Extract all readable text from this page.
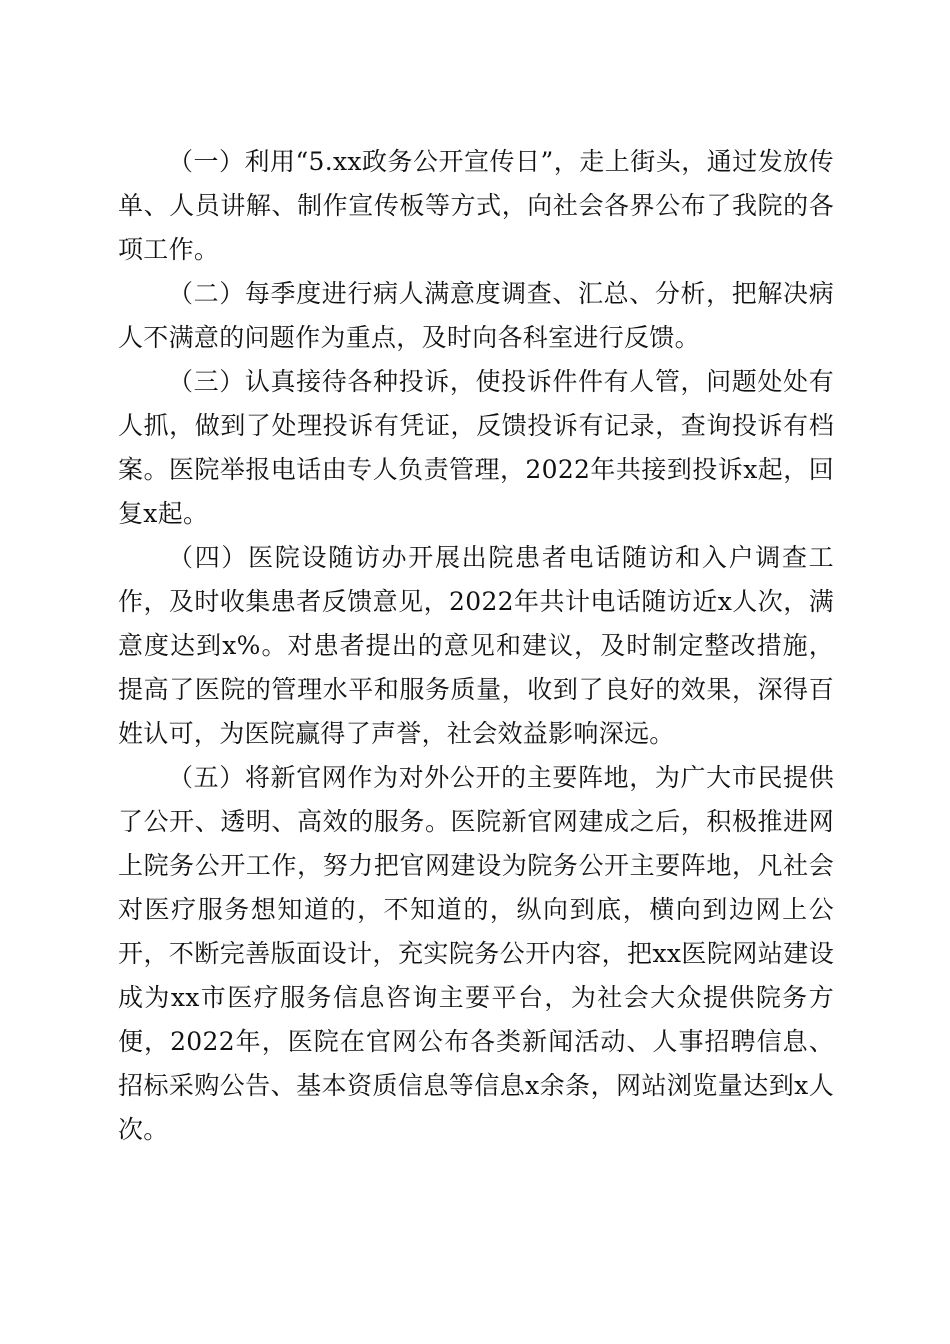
（一）利用“5.xx政务公开宣传日”，走上街头，通过发放传单、人员讲解、制作宣传板等方式，向社会各界公布了我院的各项工作。

（二）每季度进行病人满意度调查、汇总、分析，把解决病人不满意的问题作为重点，及时向各科室进行反馈。

（三）认真接待各种投诉，使投诉件件有人管，问题处处有人抓，做到了处理投诉有凭证，反馈投诉有记录，查询投诉有档案。医院举报电话由专人负责管理，2022年共接到投诉x起，回复x起。

（四）医院设随访办开展出院患者电话随访和入户调查工作，及时收集患者反馈意见，2022年共计电话随访近x人次，满意度达到x%。对患者提出的意见和建议，及时制定整改措施，提高了医院的管理水平和服务质量，收到了良好的效果，深得百姓认可，为医院赢得了声誉，社会效益影响深远。

（五）将新官网作为对外公开的主要阵地，为广大市民提供了公开、透明、高效的服务。医院新官网建成之后，积极推进网上院务公开工作，努力把官网建设为院务公开主要阵地，凡社会对医疗服务想知道的，不知道的，纵向到底，横向到边网上公开，不断完善版面设计，充实院务公开内容，把xx医院网站建设成为xx市医疗服务信息咨询主要平台，为社会大众提供院务方便，2022年，医院在官网公布各类新闻活动、人事招聘信息、招标采购公告、基本资质信息等信息x余条，网站浏览量达到x人次。
